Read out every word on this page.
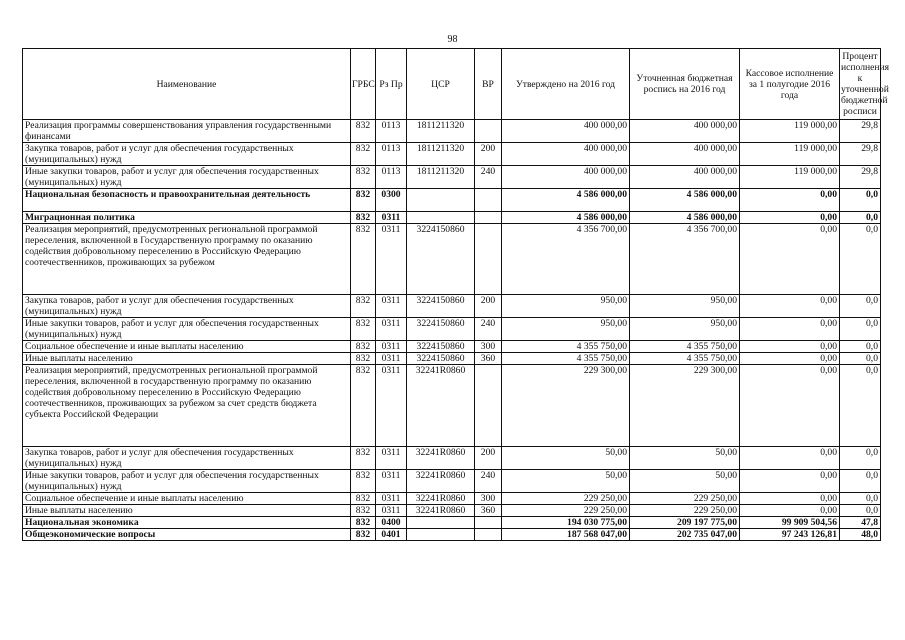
98
Наименование	ГРБС	Рз Пр	ЦСР	ВР	Утверждено на 2016 год	Уточненная бюджетная роспись на 2016 год	Кассовое исполнение за 1 полугодие 2016 года	Процент исполнения к уточненной бюджетной росписи
Реализация программы совершенствования управления государственными финансами	832	0113	1811211320		400 000,00	400 000,00	119 000,00	29,8
Закупка товаров, работ и услуг для обеспечения государственных (муниципальных) нужд	832	0113	1811211320	200	400 000,00	400 000,00	119 000,00	29,8
Иные закупки товаров, работ и услуг для обеспечения государственных (муниципальных) нужд	832	0113	1811211320	240	400 000,00	400 000,00	119 000,00	29,8
Национальная безопасность и правоохранительная деятельность	832	0300			4 586 000,00	4 586 000,00	0,00	0,0
Миграционная политика	832	0311			4 586 000,00	4 586 000,00	0,00	0,0
Реализация мероприятий, предусмотренных региональной программой переселения, включенной в Государственную программу по оказанию содействия добровольному переселению в Российскую Федерацию соотечественников, проживающих за рубежом	832	0311	3224150860		4 356 700,00	4 356 700,00	0,00	0,0
Закупка товаров, работ и услуг для обеспечения государственных (муниципальных) нужд	832	0311	3224150860	200	950,00	950,00	0,00	0,0
Иные закупки товаров, работ и услуг для обеспечения государственных (муниципальных) нужд	832	0311	3224150860	240	950,00	950,00	0,00	0,0
Социальное обеспечение и иные выплаты населению	832	0311	3224150860	300	4 355 750,00	4 355 750,00	0,00	0,0
Иные выплаты населению	832	0311	3224150860	360	4 355 750,00	4 355 750,00	0,00	0,0
Реализация мероприятий, предусмотренных региональной программой переселения, включенной в государственную программу по оказанию содействия добровольному переселению в Российскую Федерацию соотечественников, проживающих за рубежом за счет средств бюджета субъекта Российской Федерации	832	0311	32241R0860		229 300,00	229 300,00	0,00	0,0
Закупка товаров, работ и услуг для обеспечения государственных (муниципальных) нужд	832	0311	32241R0860	200	50,00	50,00	0,00	0,0
Иные закупки товаров, работ и услуг для обеспечения государственных (муниципальных) нужд	832	0311	32241R0860	240	50,00	50,00	0,00	0,0
Социальное обеспечение и иные выплаты населению	832	0311	32241R0860	300	229 250,00	229 250,00	0,00	0,0
Иные выплаты населению	832	0311	32241R0860	360	229 250,00	229 250,00	0,00	0,0
Национальная экономика	832	0400			194 030 775,00	209 197 775,00	99 909 504,56	47,8
Общеэкономические вопросы	832	0401			187 568 047,00	202 735 047,00	97 243 126,81	48,0
